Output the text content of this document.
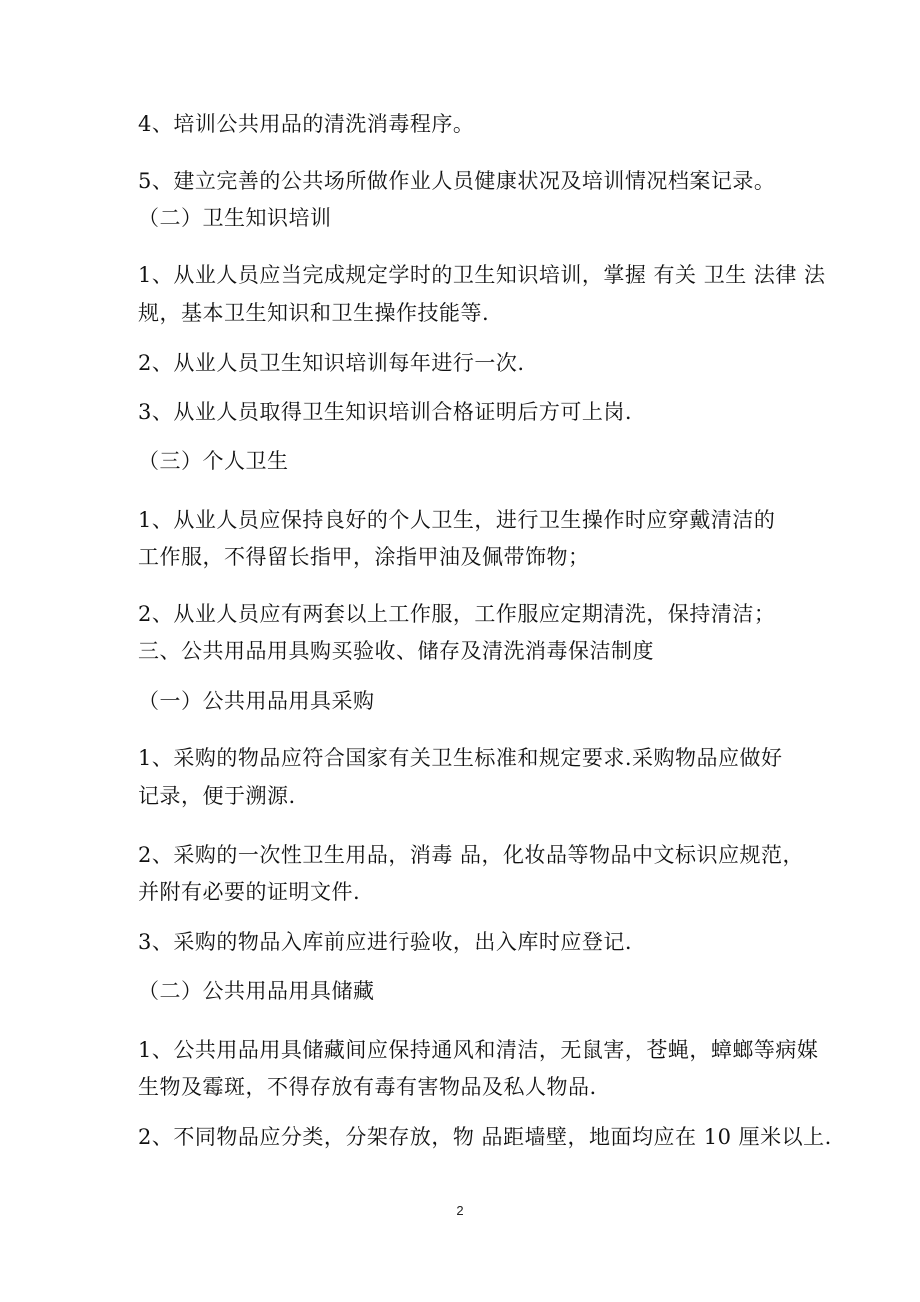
4、培训公共用品的清洗消毒程序。
5、建立完善的公共场所做作业人员健康状况及培训情况档案记录。
（二）卫生知识培训
1、从业人员应当完成规定学时的卫生知识培训，掌握 有关 卫生 法律 法
规，基本卫生知识和卫生操作技能等.
2、从业人员卫生知识培训每年进行一次.
3、从业人员取得卫生知识培训合格证明后方可上岗.
（三）个人卫生
1、从业人员应保持良好的个人卫生，进行卫生操作时应穿戴清洁的
工作服，不得留长指甲，涂指甲油及佩带饰物；
2、从业人员应有两套以上工作服，工作服应定期清洗，保持清洁；
三、公共用品用具购买验收、储存及清洗消毒保洁制度
（一）公共用品用具采购
1、采购的物品应符合国家有关卫生标准和规定要求.采购物品应做好
记录，便于溯源.
2、采购的一次性卫生用品，消毒 品，化妆品等物品中文标识应规范，
并附有必要的证明文件.
3、采购的物品入库前应进行验收，出入库时应登记.
（二）公共用品用具储藏
1、公共用品用具储藏间应保持通风和清洁，无鼠害，苍蝇，蟑螂等病媒
生物及霉斑，不得存放有毒有害物品及私人物品.
2、不同物品应分类，分架存放，物 品距墙壁，地面均应在 10 厘米以上.
2
